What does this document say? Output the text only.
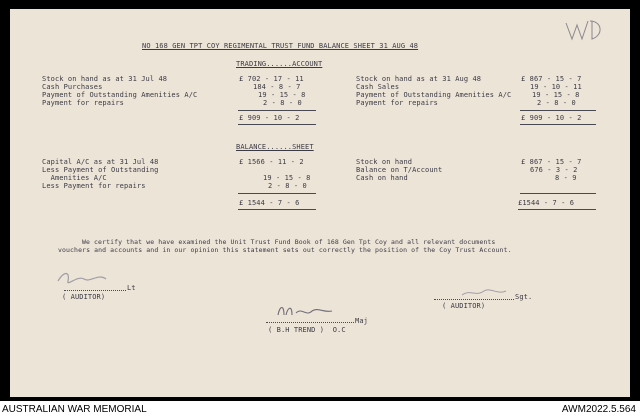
NO 168 GEN TPT COY REGIMENTAL TRUST FUND BALANCE SHEET 31 AUG 48
TRADING......ACCOUNT
Stock on hand as at 31 Jul 48
Cash Purchases
Payment of Outstanding Amenities A/C
Payment for repairs
£ 702 - 17 - 11
184 - 8 - 7
19 - 15 - 8
2 - 8 - 0
£ 909 - 10 - 2
Stock on hand as at 31 Aug 48
Cash Sales
Payment of Outstanding Amenities A/C
Payment for repairs
£ 867 - 15 - 7
19 - 10 - 11
19 - 15 - 8
2 - 8 - 0
£ 909 - 10 - 2
BALANCE......SHEET
Capital A/C as at 31 Jul 48
Less Payment of Outstanding
Amenities A/C
Less Payment for repairs
£ 1566 - 11 - 2
19 - 15 - 8
2 - 8 - 0
£ 1544 - 7 - 6
Stock on hand
Balance on T/Account
Cash on hand
£ 867 - 15 - 7
676 - 3 - 2
8 - 9
£1544 - 7 - 6
We certify that we have examined the Unit Trust Fund Book of 168 Gen Tpt Coy and all relevant documents
vouchers and accounts and in our opinion this statement sets out correctly the position of the Coy Trust Account.
Lt
( AUDITOR)	Sgt.
( AUDITOR)
Maj
( B.H TREND )  O.C
AUSTRALIAN WAR MEMORIAL	AWM2022.5.564
